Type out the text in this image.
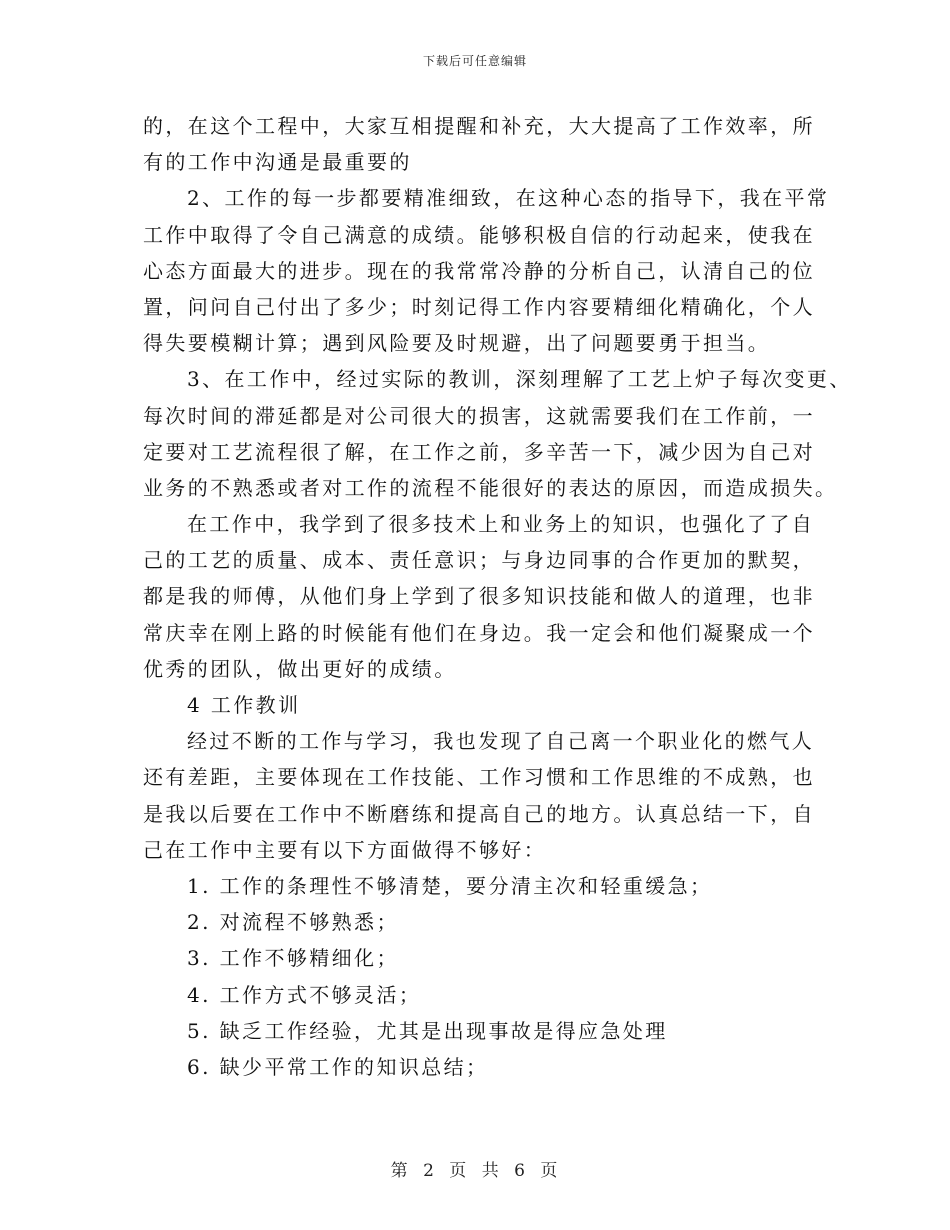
下载后可任意编辑
的，在这个工程中，大家互相提醒和补充，大大提高了工作效率，所
有的工作中沟通是最重要的
2、工作的每一步都要精准细致，在这种心态的指导下，我在平常
工作中取得了令自己满意的成绩。能够积极自信的行动起来，使我在
心态方面最大的进步。现在的我常常冷静的分析自己，认清自己的位
置，问问自己付出了多少；时刻记得工作内容要精细化精确化，个人
得失要模糊计算；遇到风险要及时规避，出了问题要勇于担当。
3、在工作中，经过实际的教训，深刻理解了工艺上炉子每次变更、
每次时间的滞延都是对公司很大的损害，这就需要我们在工作前，一
定要对工艺流程很了解，在工作之前，多辛苦一下，减少因为自己对
业务的不熟悉或者对工作的流程不能很好的表达的原因，而造成损失。
在工作中，我学到了很多技术上和业务上的知识，也强化了了自
己的工艺的质量、成本、责任意识；与身边同事的合作更加的默契，
都是我的师傅，从他们身上学到了很多知识技能和做人的道理，也非
常庆幸在刚上路的时候能有他们在身边。我一定会和他们凝聚成一个
优秀的团队，做出更好的成绩。
4 工作教训
经过不断的工作与学习，我也发现了自己离一个职业化的燃气人
还有差距，主要体现在工作技能、工作习惯和工作思维的不成熟，也
是我以后要在工作中不断磨练和提高自己的地方。认真总结一下，自
己在工作中主要有以下方面做得不够好：
1. 工作的条理性不够清楚，要分清主次和轻重缓急；
2. 对流程不够熟悉；
3. 工作不够精细化；
4. 工作方式不够灵活；
5. 缺乏工作经验，尤其是出现事故是得应急处理
6. 缺少平常工作的知识总结；
第 2 页 共 6 页
